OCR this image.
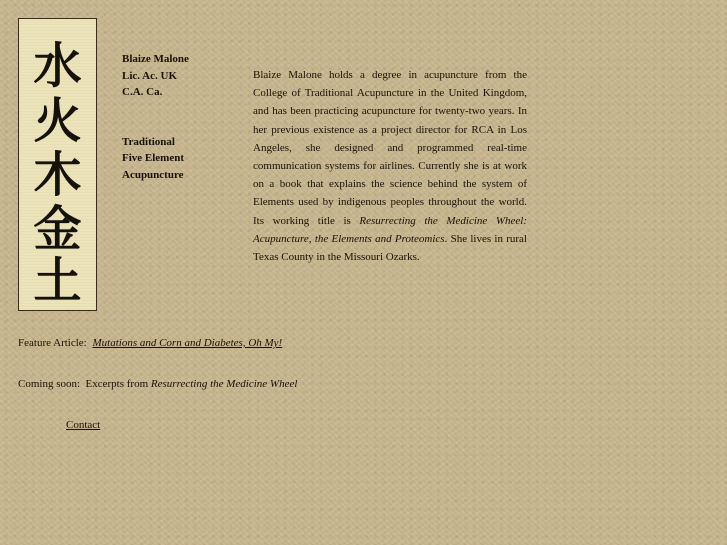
水
火
木
金
土
Blaize Malone
Lic. Ac. UK
C.A. Ca.
Traditional
Five Element
Acupuncture
Blaize Malone holds a degree in acupuncture from the College of Traditional Acupuncture in the United Kingdom, and has been practicing acupuncture for twenty-two years. In her previous existence as a project director for RCA in Los Angeles, she designed and programmed real-time communication systems for airlines. Currently she is at work on a book that explains the science behind the system of Elements used by indigenous peoples throughout the world. Its working title is Resurrecting the Medicine Wheel: Acupuncture, the Elements and Proteomics. She lives in rural Texas County in the Missouri Ozarks.
Feature Article: Mutations and Corn and Diabetes, Oh My!
Coming soon:  Excerpts from Resurrecting the Medicine Wheel
Contact
